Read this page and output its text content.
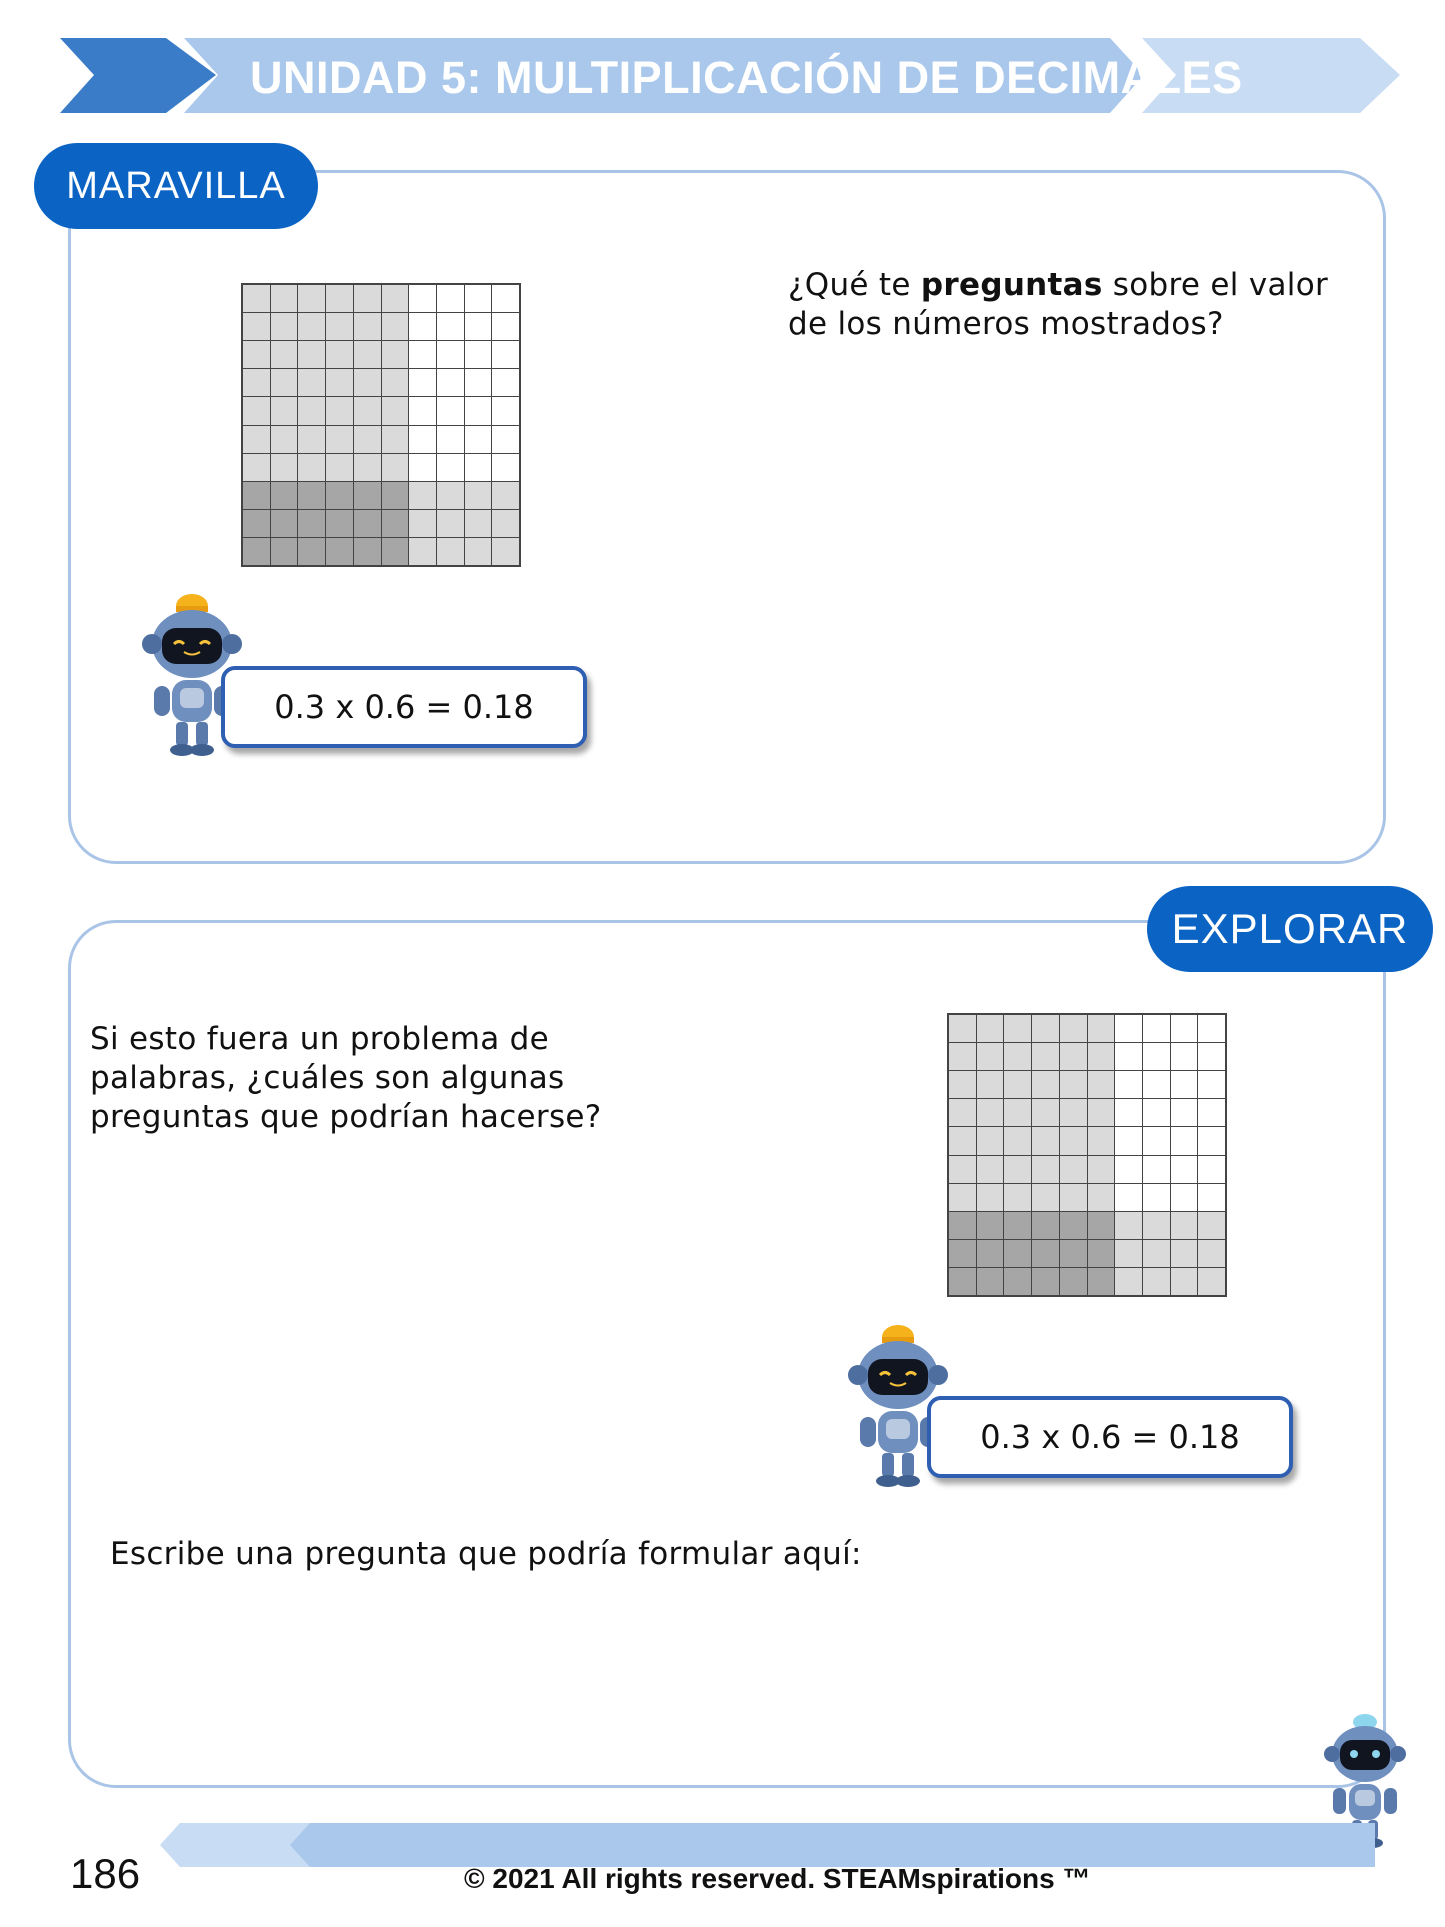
UNIDAD 5: MULTIPLICACIÓN DE DECIMALES
MARAVILLA
¿Qué te preguntas sobre el valor de los números mostrados?
0.3 x 0.6 = 0.18
EXPLORAR
Si esto fuera un problema de palabras, ¿cuáles son algunas preguntas que podrían hacerse?
0.3 x 0.6 = 0.18
Escribe una pregunta que podría formular aquí:
186	© 2021 All rights reserved. STEAMspirations ™
